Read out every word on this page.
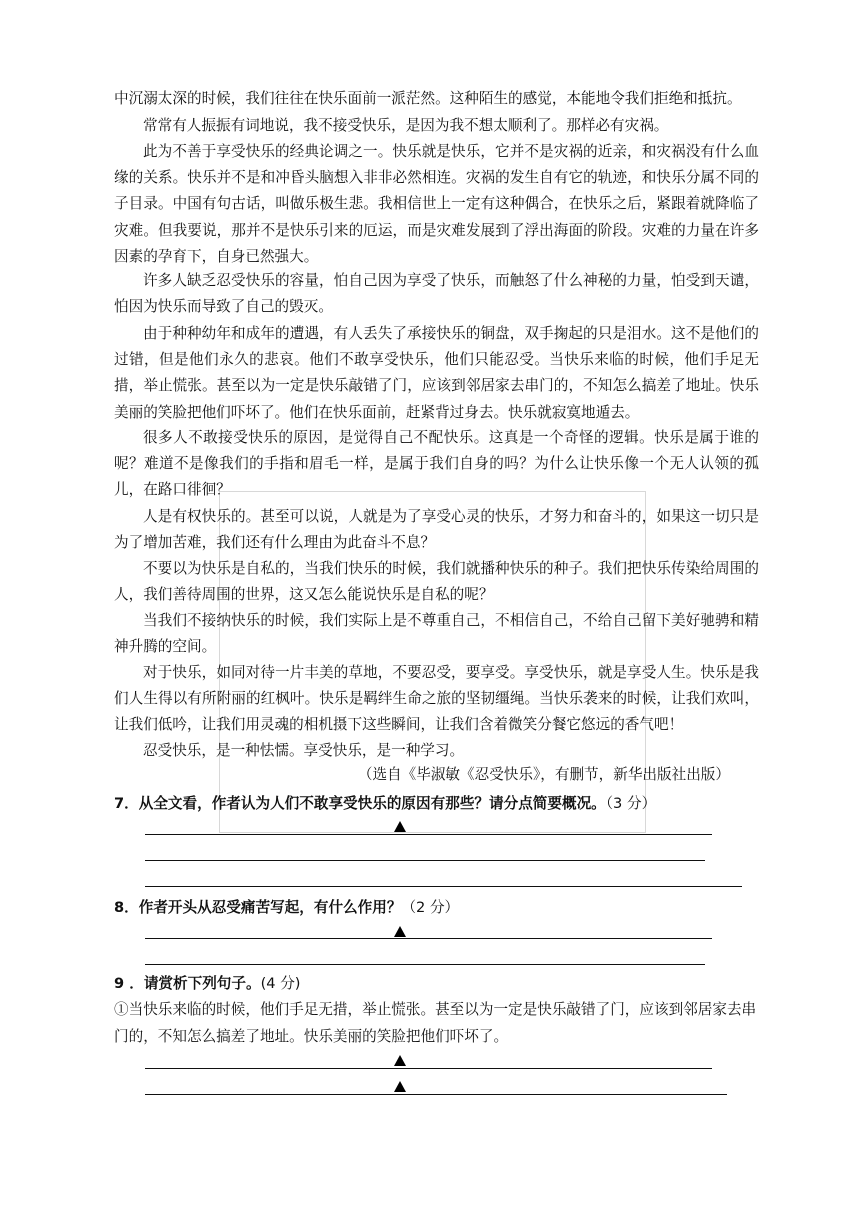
中沉溺太深的时候，我们往往在快乐面前一派茫然。这种陌生的感觉，本能地令我们拒绝和抵抗。

常常有人振振有词地说，我不接受快乐，是因为我不想太顺利了。那样必有灾祸。

此为不善于享受快乐的经典论调之一。快乐就是快乐，它并不是灾祸的近亲，和灾祸没有什么血缘的关系。快乐并不是和冲昏头脑想入非非必然相连。灾祸的发生自有它的轨迹，和快乐分属不同的子目录。中国有句古话，叫做乐极生悲。我相信世上一定有这种偶合，在快乐之后，紧跟着就降临了灾难。但我要说，那并不是快乐引来的厄运，而是灾难发展到了浮出海面的阶段。灾难的力量在许多因素的孕育下，自身已然强大。

许多人缺乏忍受快乐的容量，怕自己因为享受了快乐，而触怒了什么神秘的力量，怕受到天谴，怕因为快乐而导致了自己的毁灭。

由于种种幼年和成年的遭遇，有人丢失了承接快乐的铜盘，双手掬起的只是泪水。这不是他们的过错，但是他们永久的悲哀。他们不敢享受快乐，他们只能忍受。当快乐来临的时候，他们手足无措，举止慌张。甚至以为一定是快乐敲错了门，应该到邻居家去串门的，不知怎么搞差了地址。快乐美丽的笑脸把他们吓坏了。他们在快乐面前，赶紧背过身去。快乐就寂寞地遁去。

很多人不敢接受快乐的原因，是觉得自己不配快乐。这真是一个奇怪的逻辑。快乐是属于谁的呢？难道不是像我们的手指和眉毛一样，是属于我们自身的吗？为什么让快乐像一个无人认领的孤儿，在路口徘徊？

人是有权快乐的。甚至可以说，人就是为了享受心灵的快乐，才努力和奋斗的，如果这一切只是为了增加苦难，我们还有什么理由为此奋斗不息？

不要以为快乐是自私的，当我们快乐的时候，我们就播种快乐的种子。我们把快乐传染给周围的人，我们善待周围的世界，这又怎么能说快乐是自私的呢？

当我们不接纳快乐的时候，我们实际上是不尊重自己，不相信自己，不给自己留下美好驰骋和精神升腾的空间。

对于快乐，如同对待一片丰美的草地，不要忍受，要享受。享受快乐，就是享受人生。快乐是我们人生得以有所附丽的红枫叶。快乐是羁绊生命之旅的坚韧缰绳。当快乐袭来的时候，让我们欢叫，让我们低吟，让我们用灵魂的相机摄下这些瞬间，让我们含着微笑分餐它悠远的香气吧！

忍受快乐，是一种怯懦。享受快乐，是一种学习。

（选自《毕淑敏《忍受快乐》，有删节，新华出版社出版）

7．从全文看，作者认为人们不敢享受快乐的原因有那些？请分点简要概况。（3 分）

8．作者开头从忍受痛苦写起，有什么作用？（2 分）

9 ．请赏析下列句子。(4 分)

①当快乐来临的时候，他们手足无措，举止慌张。甚至以为一定是快乐敲错了门，应该到邻居家去串门的，不知怎么搞差了地址。快乐美丽的笑脸把他们吓坏了。
